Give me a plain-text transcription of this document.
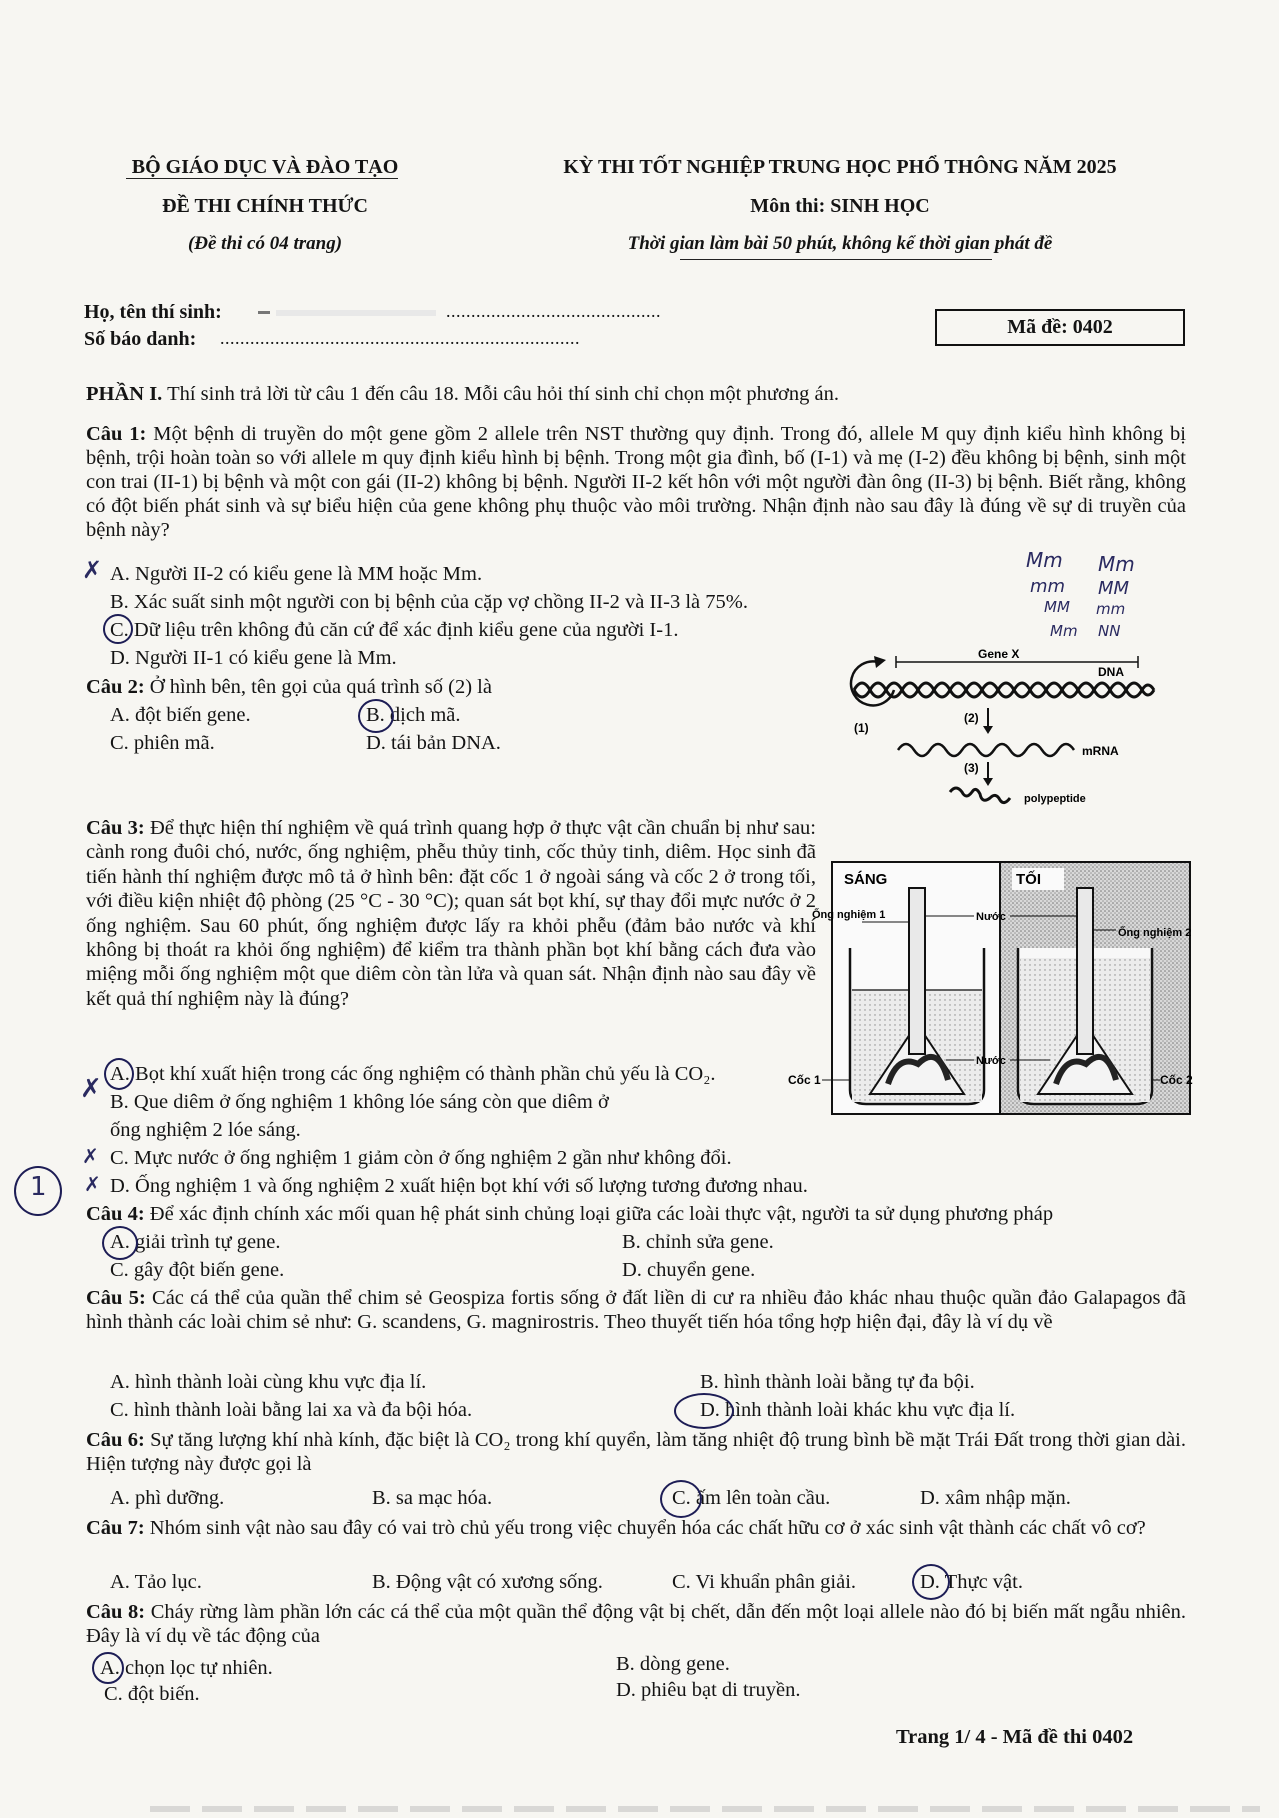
BỘ GIÁO DỤC VÀ ĐÀO TẠO
ĐỀ THI CHÍNH THỨC
(Đề thi có 04 trang)
KỲ THI TỐT NGHIỆP TRUNG HỌC PHỔ THÔNG NĂM 2025
Môn thi: SINH HỌC
Thời gian làm bài 50 phút, không kể thời gian phát đề
Họ, tên thí sinh:	...........................................
Số báo danh: ........................................................................	Mã đề: 0402
PHẦN I. Thí sinh trả lời từ câu 1 đến câu 18. Mỗi câu hỏi thí sinh chỉ chọn một phương án.
Câu 1: Một bệnh di truyền do một gene gồm 2 allele trên NST thường quy định. Trong đó, allele M quy định kiểu hình không bị bệnh, trội hoàn toàn so với allele m quy định kiểu hình bị bệnh. Trong một gia đình, bố (I-1) và mẹ (I-2) đều không bị bệnh, sinh một con trai (II-1) bị bệnh và một con gái (II-2) không bị bệnh. Người II-2 kết hôn với một người đàn ông (II-3) bị bệnh. Biết rằng, không có đột biến phát sinh và sự biểu hiện của gene không phụ thuộc vào môi trường. Nhận định nào sau đây là đúng về sự di truyền của bệnh này?
A. Người II-2 có kiểu gene là MM hoặc Mm.
B. Xác suất sinh một người con bị bệnh của cặp vợ chồng II-2 và II-3 là 75%.
C. Dữ liệu trên không đủ căn cứ để xác định kiểu gene của người I-1.
D. Người II-1 có kiểu gene là Mm.
✗	Mm Mm
mm MM
MM mm
Mm NN
Câu 2: Ở hình bên, tên gọi của quá trình số (2) là
A. đột biến gene.	B. dịch mã.
C. phiên mã.	D. tái bản DNA.
Gene X
DNA
(1)
(2)
mRNA
(3)
polypeptide
Câu 3: Để thực hiện thí nghiệm về quá trình quang hợp ở thực vật cần chuẩn bị như sau: cành rong đuôi chó, nước, ống nghiệm, phễu thủy tinh, cốc thủy tinh, diêm. Học sinh đã tiến hành thí nghiệm được mô tả ở hình bên: đặt cốc 1 ở ngoài sáng và cốc 2 ở trong tối, với điều kiện nhiệt độ phòng (25 °C - 30 °C); quan sát bọt khí, sự thay đổi mực nước ở 2 ống nghiệm. Sau 60 phút, ống nghiệm được lấy ra khỏi phễu (đảm bảo nước và khí không bị thoát ra khỏi ống nghiệm) để kiểm tra thành phần bọt khí bằng cách đưa vào miệng mỗi ống nghiệm một que diêm còn tàn lửa và quan sát. Nhận định nào sau đây về kết quả thí nghiệm này là đúng?
A. Bọt khí xuất hiện trong các ống nghiệm có thành phần chủ yếu là CO₂.
B. Que diêm ở ống nghiệm 1 không lóe sáng còn que diêm ở
ống nghiệm 2 lóe sáng.
C. Mực nước ở ống nghiệm 1 giảm còn ở ống nghiệm 2 gần như không đổi.
D. Ống nghiệm 1 và ống nghiệm 2 xuất hiện bọt khí với số lượng tương đương nhau.
✗
✗
✗
1
SÁNG	TỐI
Ống nghiệm 1	Nước
Ống nghiệm 2
Nước
Cốc 1	Cốc 2
Câu 4: Để xác định chính xác mối quan hệ phát sinh chủng loại giữa các loài thực vật, người ta sử dụng phương pháp
A. giải trình tự gene.	B. chỉnh sửa gene.
C. gây đột biến gene.	D. chuyển gene.
Câu 5: Các cá thể của quần thể chim sẻ Geospiza fortis sống ở đất liền di cư ra nhiều đảo khác nhau thuộc quần đảo Galapagos đã hình thành các loài chim sẻ như: G. scandens, G. magnirostris. Theo thuyết tiến hóa tổng hợp hiện đại, đây là ví dụ về
A. hình thành loài cùng khu vực địa lí.	B. hình thành loài bằng tự đa bội.
C. hình thành loài bằng lai xa và đa bội hóa.	D. hình thành loài khác khu vực địa lí.
Câu 6: Sự tăng lượng khí nhà kính, đặc biệt là CO₂ trong khí quyển, làm tăng nhiệt độ trung bình bề mặt Trái Đất trong thời gian dài. Hiện tượng này được gọi là
A. phì dưỡng.	B. sa mạc hóa.	C. ấm lên toàn cầu.	D. xâm nhập mặn.
Câu 7: Nhóm sinh vật nào sau đây có vai trò chủ yếu trong việc chuyển hóa các chất hữu cơ ở xác sinh vật thành các chất vô cơ?
A. Tảo lục.	B. Động vật có xương sống.	C. Vi khuẩn phân giải.	D. Thực vật.
Câu 8: Cháy rừng làm phần lớn các cá thể của một quần thể động vật bị chết, dẫn đến một loại allele nào đó bị biến mất ngẫu nhiên. Đây là ví dụ về tác động của
A. chọn lọc tự nhiên.	B. dòng gene.
C. đột biến.	D. phiêu bạt di truyền.
Trang 1/ 4 - Mã đề thi 0402
